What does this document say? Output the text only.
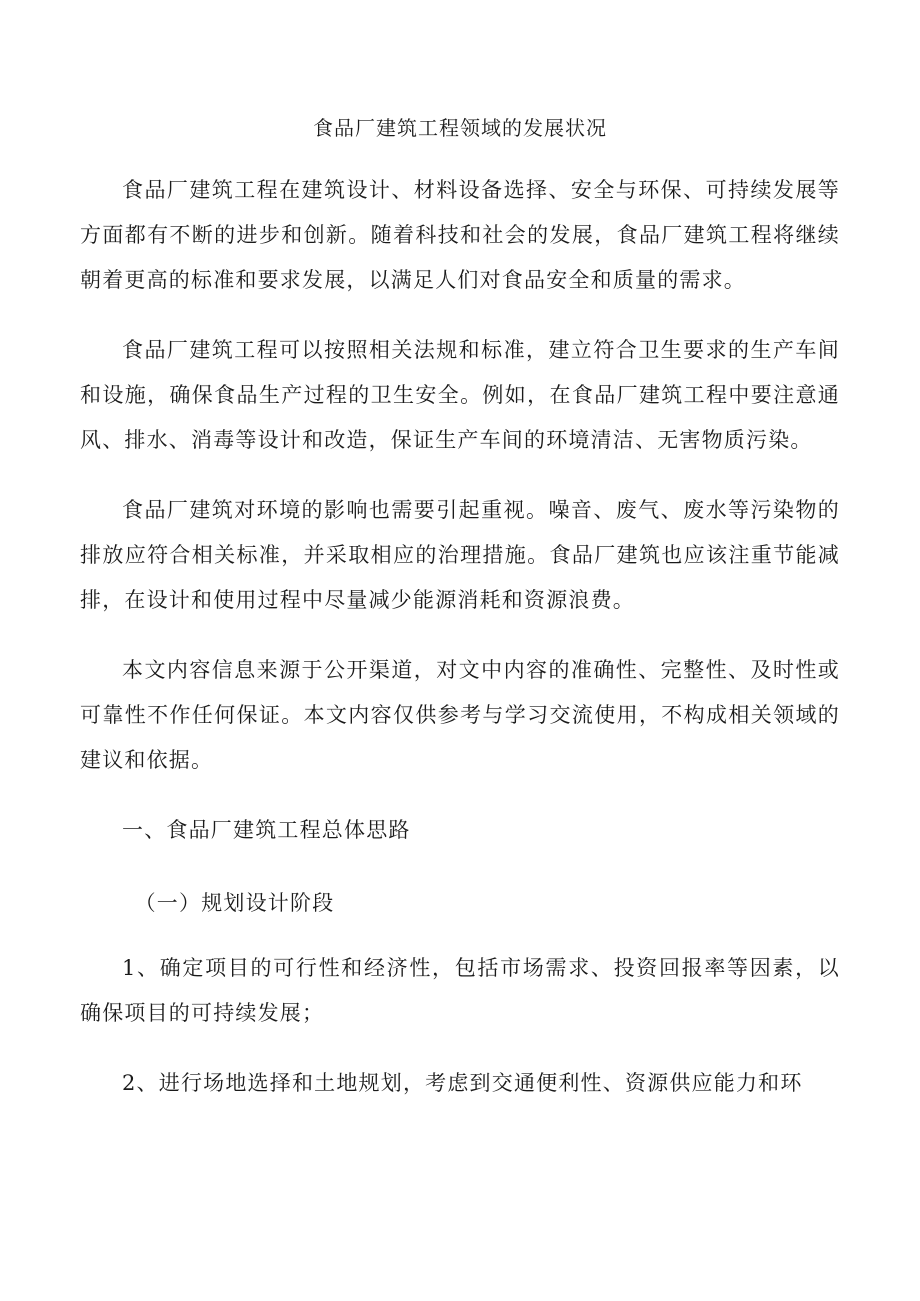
食品厂建筑工程领域的发展状况

食品厂建筑工程在建筑设计、材料设备选择、安全与环保、可持续发展等方面都有不断的进步和创新。随着科技和社会的发展，食品厂建筑工程将继续朝着更高的标准和要求发展，以满足人们对食品安全和质量的需求。

食品厂建筑工程可以按照相关法规和标准，建立符合卫生要求的生产车间和设施，确保食品生产过程的卫生安全。例如，在食品厂建筑工程中要注意通风、排水、消毒等设计和改造，保证生产车间的环境清洁、无害物质污染。

食品厂建筑对环境的影响也需要引起重视。噪音、废气、废水等污染物的排放应符合相关标准，并采取相应的治理措施。食品厂建筑也应该注重节能减排，在设计和使用过程中尽量减少能源消耗和资源浪费。

本文内容信息来源于公开渠道，对文中内容的准确性、完整性、及时性或可靠性不作任何保证。本文内容仅供参考与学习交流使用，不构成相关领域的建议和依据。

一、食品厂建筑工程总体思路
（一）规划设计阶段

1、确定项目的可行性和经济性，包括市场需求、投资回报率等因素，以确保项目的可持续发展；

2、进行场地选择和土地规划，考虑到交通便利性、资源供应能力和环
